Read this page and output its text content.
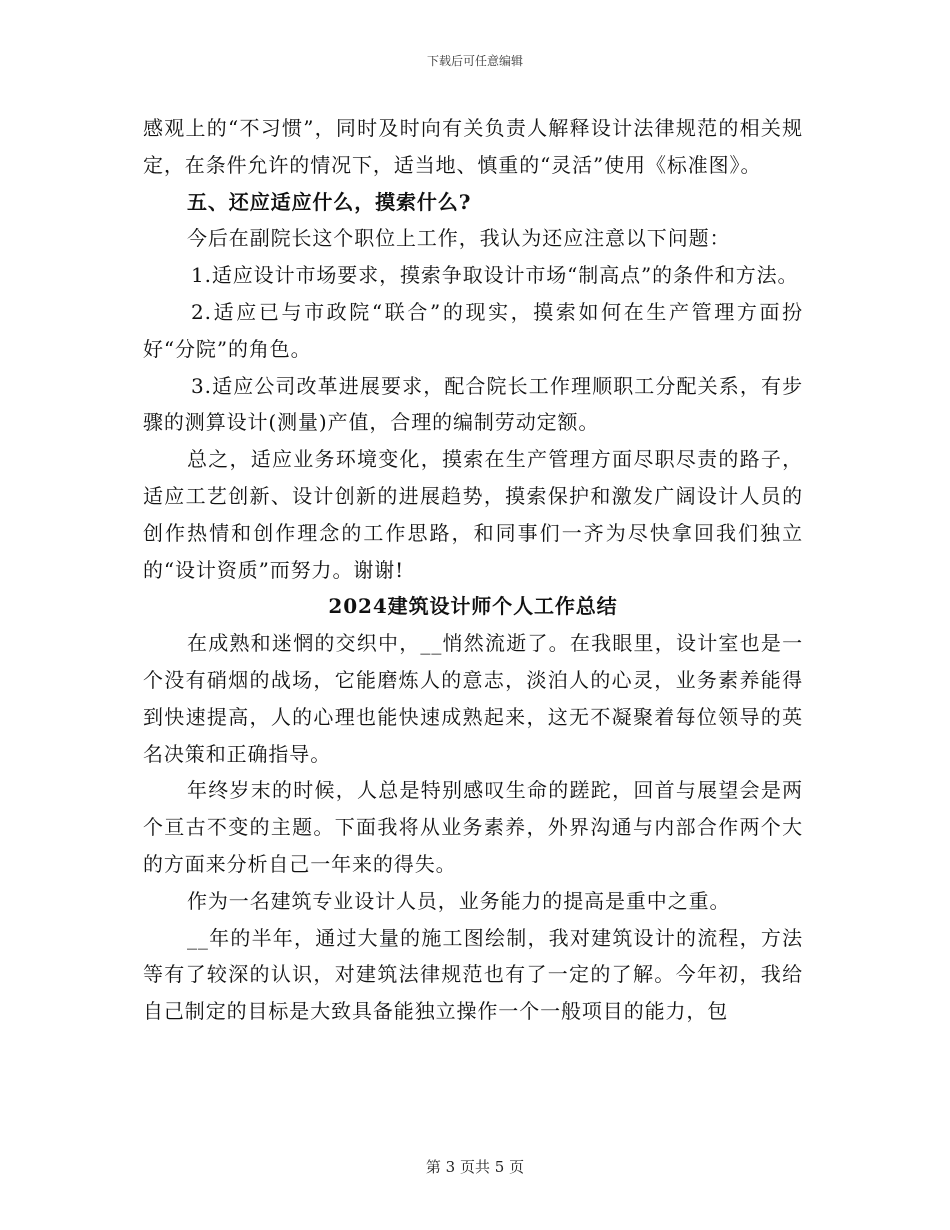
下载后可任意编辑

感观上的“不习惯”，同时及时向有关负责人解释设计法律规范的相关规定，在条件允许的情况下，适当地、慎重的“灵活”使用《标准图》。

五、还应适应什么，摸索什么?

今后在副院长这个职位上工作，我认为还应注意以下问题：

1.适应设计市场要求，摸索争取设计市场“制高点”的条件和方法。

2.适应已与市政院“联合”的现实，摸索如何在生产管理方面扮好“分院”的角色。

3.适应公司改革进展要求，配合院长工作理顺职工分配关系，有步骤的测算设计(测量)产值，合理的编制劳动定额。

总之，适应业务环境变化，摸索在生产管理方面尽职尽责的路子，适应工艺创新、设计创新的进展趋势，摸索保护和激发广阔设计人员的创作热情和创作理念的工作思路，和同事们一齐为尽快拿回我们独立的“设计资质”而努力。谢谢!

2024建筑设计师个人工作总结

在成熟和迷惘的交织中，__悄然流逝了。在我眼里，设计室也是一个没有硝烟的战场，它能磨炼人的意志，淡泊人的心灵，业务素养能得到快速提高，人的心理也能快速成熟起来，这无不凝聚着每位领导的英名决策和正确指导。

年终岁末的时候，人总是特别感叹生命的蹉跎，回首与展望会是两个亘古不变的主题。下面我将从业务素养，外界沟通与内部合作两个大的方面来分析自己一年来的得失。

作为一名建筑专业设计人员，业务能力的提高是重中之重。

__年的半年，通过大量的施工图绘制，我对建筑设计的流程，方法等有了较深的认识，对建筑法律规范也有了一定的了解。今年初，我给自己制定的目标是大致具备能独立操作一个一般项目的能力，包

第 3 页共 5 页
